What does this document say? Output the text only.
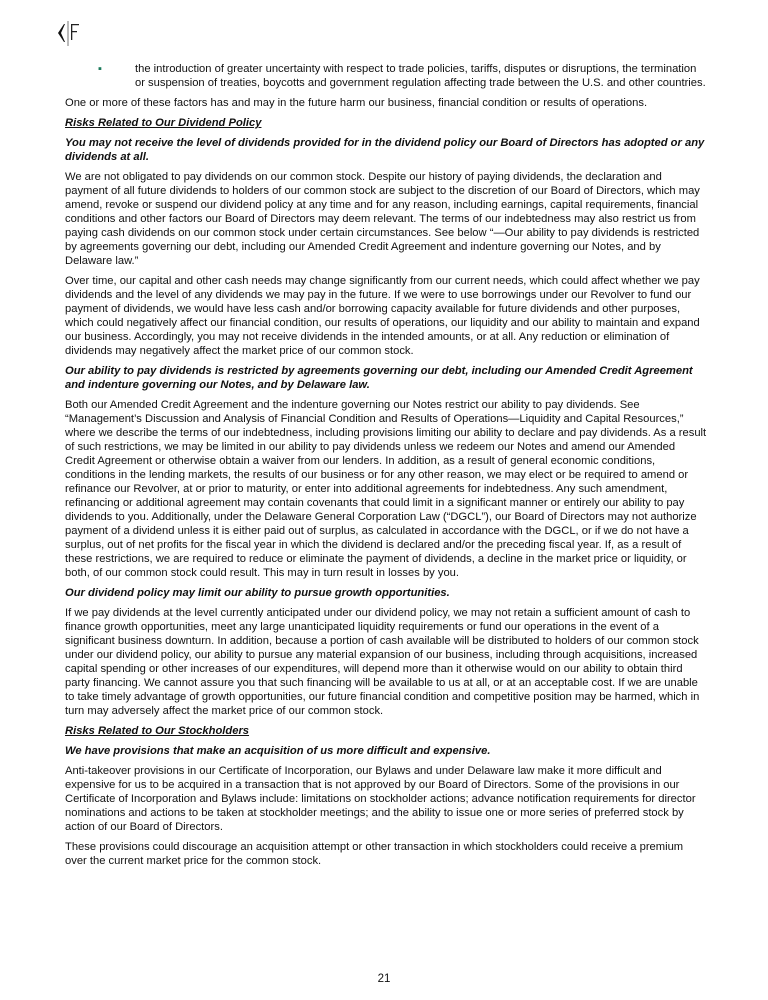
▪	the introduction of greater uncertainty with respect to trade policies, tariffs, disputes or disruptions, the termination or suspension of treaties, boycotts and government regulation affecting trade between the U.S. and other countries.

One or more of these factors has and may in the future harm our business, financial condition or results of operations.

Risks Related to Our Dividend Policy

You may not receive the level of dividends provided for in the dividend policy our Board of Directors has adopted or any dividends at all.

We are not obligated to pay dividends on our common stock. Despite our history of paying dividends, the declaration and payment of all future dividends to holders of our common stock are subject to the discretion of our Board of Directors, which may amend, revoke or suspend our dividend policy at any time and for any reason, including earnings, capital requirements, financial conditions and other factors our Board of Directors may deem relevant. The terms of our indebtedness may also restrict us from paying cash dividends on our common stock under certain circumstances. See below “—Our ability to pay dividends is restricted by agreements governing our debt, including our Amended Credit Agreement and indenture governing our Notes, and by Delaware law.”

Over time, our capital and other cash needs may change significantly from our current needs, which could affect whether we pay dividends and the level of any dividends we may pay in the future. If we were to use borrowings under our Revolver to fund our payment of dividends, we would have less cash and/or borrowing capacity available for future dividends and other purposes, which could negatively affect our financial condition, our results of operations, our liquidity and our ability to maintain and expand our business. Accordingly, you may not receive dividends in the intended amounts, or at all. Any reduction or elimination of dividends may negatively affect the market price of our common stock.

Our ability to pay dividends is restricted by agreements governing our debt, including our Amended Credit Agreement and indenture governing our Notes, and by Delaware law.

Both our Amended Credit Agreement and the indenture governing our Notes restrict our ability to pay dividends. See “Management’s Discussion and Analysis of Financial Condition and Results of Operations—Liquidity and Capital Resources,” where we describe the terms of our indebtedness, including provisions limiting our ability to declare and pay dividends. As a result of such restrictions, we may be limited in our ability to pay dividends unless we redeem our Notes and amend our Amended Credit Agreement or otherwise obtain a waiver from our lenders. In addition, as a result of general economic conditions, conditions in the lending markets, the results of our business or for any other reason, we may elect or be required to amend or refinance our Revolver, at or prior to maturity, or enter into additional agreements for indebtedness. Any such amendment, refinancing or additional agreement may contain covenants that could limit in a significant manner or entirely our ability to pay dividends to you. Additionally, under the Delaware General Corporation Law (“DGCL”), our Board of Directors may not authorize payment of a dividend unless it is either paid out of surplus, as calculated in accordance with the DGCL, or if we do not have a surplus, out of net profits for the fiscal year in which the dividend is declared and/or the preceding fiscal year. If, as a result of these restrictions, we are required to reduce or eliminate the payment of dividends, a decline in the market price or liquidity, or both, of our common stock could result. This may in turn result in losses by you.

Our dividend policy may limit our ability to pursue growth opportunities.

If we pay dividends at the level currently anticipated under our dividend policy, we may not retain a sufficient amount of cash to finance growth opportunities, meet any large unanticipated liquidity requirements or fund our operations in the event of a significant business downturn. In addition, because a portion of cash available will be distributed to holders of our common stock under our dividend policy, our ability to pursue any material expansion of our business, including through acquisitions, increased capital spending or other increases of our expenditures, will depend more than it otherwise would on our ability to obtain third party financing. We cannot assure you that such financing will be available to us at all, or at an acceptable cost. If we are unable to take timely advantage of growth opportunities, our future financial condition and competitive position may be harmed, which in turn may adversely affect the market price of our common stock.

Risks Related to Our Stockholders

We have provisions that make an acquisition of us more difficult and expensive.

Anti-takeover provisions in our Certificate of Incorporation, our Bylaws and under Delaware law make it more difficult and expensive for us to be acquired in a transaction that is not approved by our Board of Directors. Some of the provisions in our Certificate of Incorporation and Bylaws include: limitations on stockholder actions; advance notification requirements for director nominations and actions to be taken at stockholder meetings; and the ability to issue one or more series of preferred stock by action of our Board of Directors.

These provisions could discourage an acquisition attempt or other transaction in which stockholders could receive a premium over the current market price for the common stock.

21
